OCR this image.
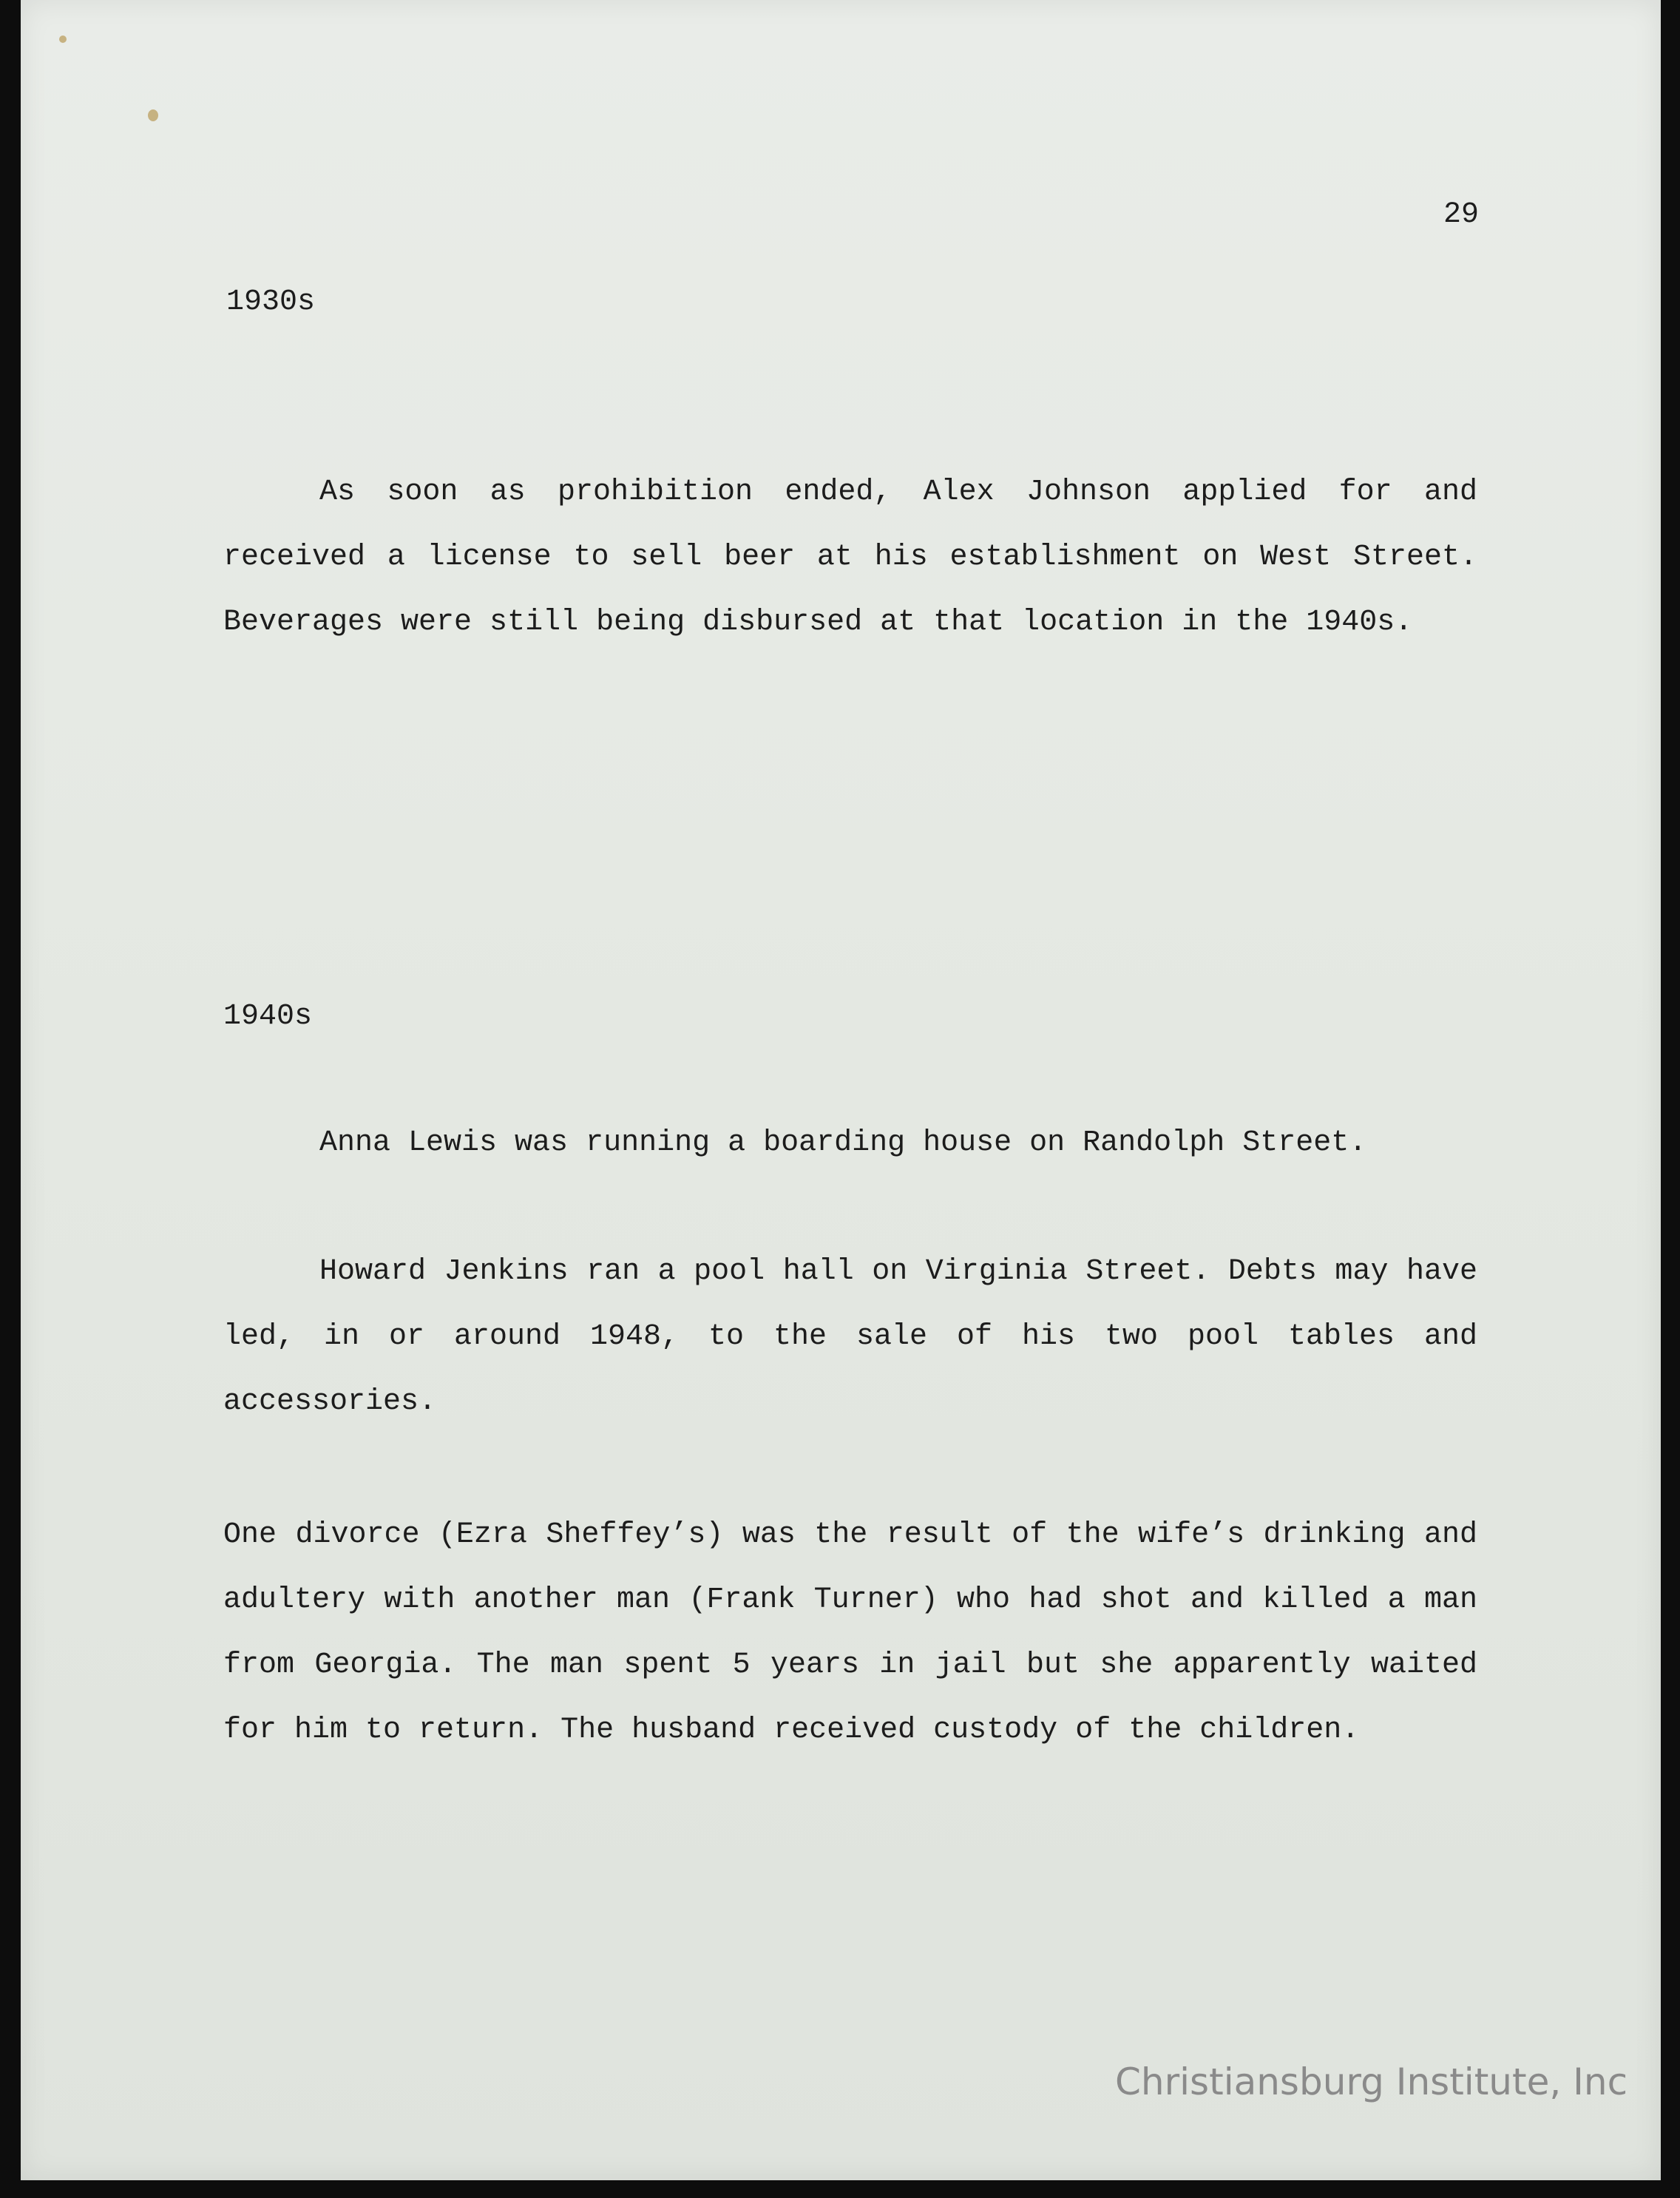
29
1930s
As soon as prohibition ended, Alex Johnson applied for and received a license to sell beer at his establishment on West Street. Beverages were still being disbursed at that location in the 1940s.
1940s
Anna Lewis was running a boarding house on Randolph Street.
Howard Jenkins ran a pool hall on Virginia Street. Debts may have led, in or around 1948, to the sale of his two pool tables and accessories.
One divorce (Ezra Sheffey’s) was the result of the wife’s drinking and adultery with another man (Frank Turner) who had shot and killed a man from Georgia. The man spent 5 years in jail but she apparently waited for him to return. The husband received custody of the children.
Christiansburg Institute, Inc
